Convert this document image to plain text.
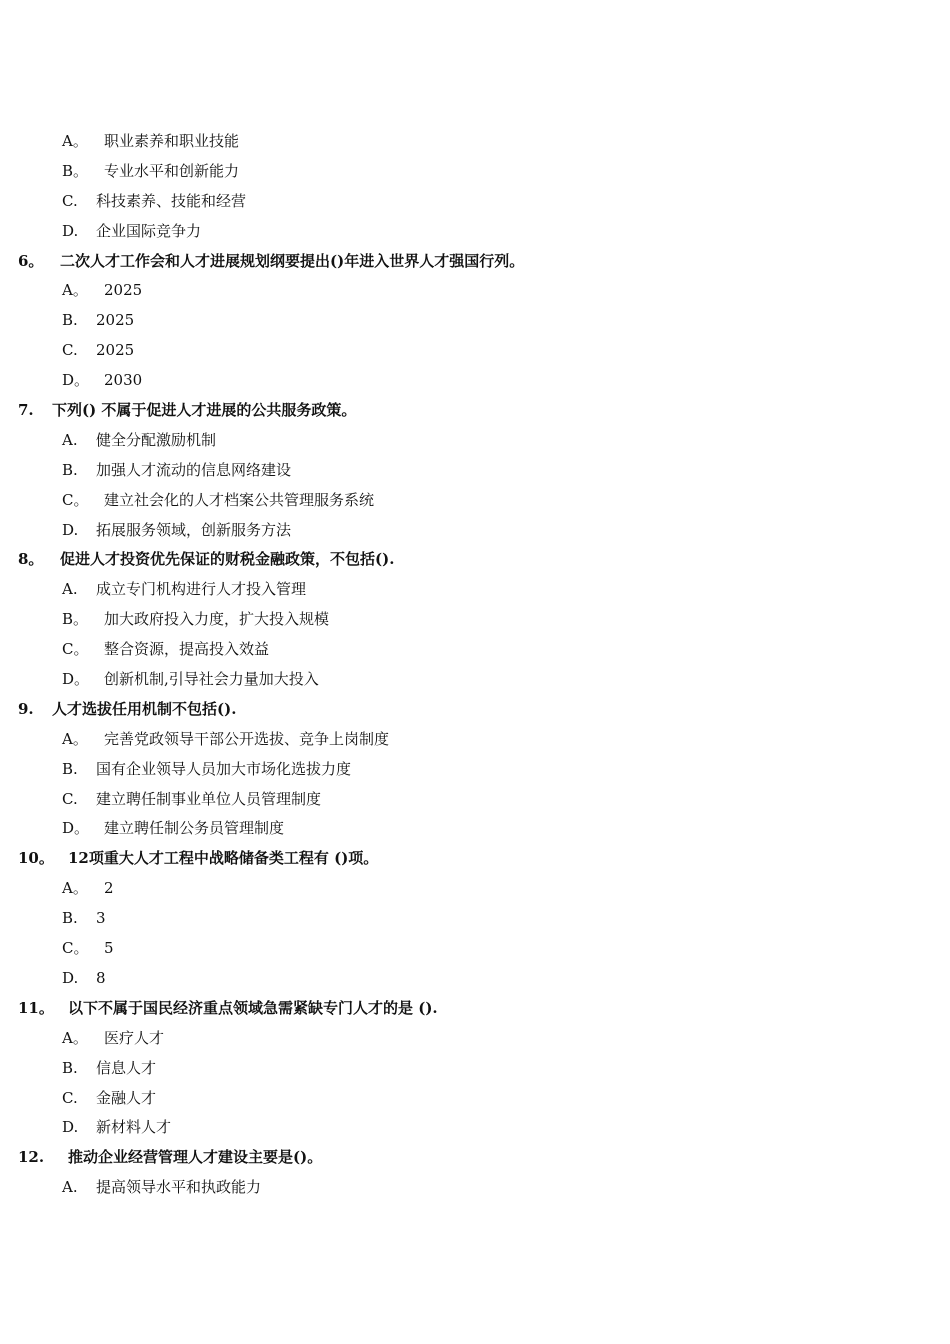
A。 职业素养和职业技能
B。 专业水平和创新能力
C. 科技素养、技能和经营
D. 企业国际竞争力
6。 二次人才工作会和人才进展规划纲要提出()年进入世界人才强国行列。
A。 2025
B. 2025
C. 2025
D。 2030
7. 下列() 不属于促进人才进展的公共服务政策。
A. 健全分配激励机制
B. 加强人才流动的信息网络建设
C。 建立社会化的人才档案公共管理服务系统
D. 拓展服务领域，创新服务方法
8。 促进人才投资优先保证的财税金融政策，不包括().
A. 成立专门机构进行人才投入管理
B。 加大政府投入力度，扩大投入规模
C。 整合资源，提高投入效益
D。 创新机制,引导社会力量加大投入
9. 人才选拔任用机制不包括().
A。 完善党政领导干部公开选拔、竞争上岗制度
B. 国有企业领导人员加大市场化选拔力度
C. 建立聘任制事业单位人员管理制度
D。 建立聘任制公务员管理制度
10。 12项重大人才工程中战略储备类工程有 ()项。
A。 2
B. 3
C。 5
D. 8
11。 以下不属于国民经济重点领域急需紧缺专门人才的是 ().
A。 医疗人才
B. 信息人才
C. 金融人才
D. 新材料人才
12. 推动企业经营管理人才建设主要是()。
A. 提高领导水平和执政能力
